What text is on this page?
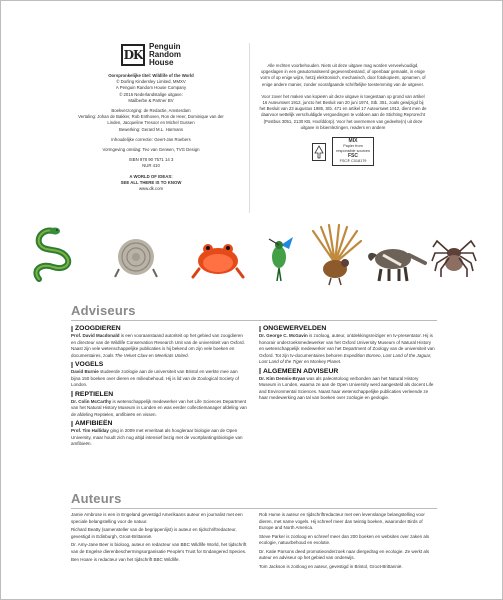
DK
Penguin
Random
House

Oorspronkelijke titel: Wildlife of the World
© Dorling Kindersley Limited, MMXV
A Penguin Random House Company
© 2016 Nederlandstalige uitgave:
Mailberbe & Partner BV

Boekverzorging: de Redactie, Amsterdam
Vertaling: Johan de Bakker, Rob Enthoven, Ron de Heer, Dominique van der
Linden, Jacqueline Tresoor en Michel Gussen
Bewerking: Gerard M.L. Harmans

Inhoudelijke correctie: Geert-Jan Roebers

Vormgeving omslag: Teo van Gerwen, TVG Design

ISBN 978 90 7571 14 3
NUR 410

A WORLD OF IDEAS:
SEE ALL THERE IS TO KNOW
www.dk.com

Alle rechten voorbehouden. Niets uit deze uitgave mag worden verveelvoudigd, opgeslagen in een geautomatiseerd gegevensbestand, of openbaar gemaakt, in enige vorm of op enige wijze, hetzij elektronisch, mechanisch, door fotokopieën, opnamen, of enige andere manier, zonder voorafgaande schriftelijke toestemming van de uitgever.

Voor zover het maken van kopieën uit deze uitgave is toegestaan op grond van artikel 16 Auteurswet 1912, juncto het Besluit van 20 juni 1974, Stb. 351, zoals gewijzigd bij het Besluit van 23 augustus 1985, Stb. 471 en artikel 17 Auteurswet 1912, dient men de daarvoor wettelijk verschuldigde vergoedingen te voldoen aan de Stichting Reprorecht (Postbus 3051, 2130 KB, Hoofddorp). Voor het overnemen van gedeelte(n) uit deze uitgave in bloemlezingen, readers en andere

MIX
Papier from
responsible sources
FSC
FSC® C018179
Adviseurs
ZOOGDIEREN
Prof. David Macdonald is een vooraanstaand autoriteit op het gebied van zoogdieren en directeur van de Wildlife Conservation Research Unit van de universiteit van Oxford. Naast zijn vele wetenschappelijke publicaties is hij bekend om zijn vele boeken en documentaires, zoals The Velvet Claw en Meerkats United.
VOGELS
David Burnie studeerde zoölogie aan de universiteit van Bristol en werkte mee aan bijna 150 boeken over dieren en milieubehoud. Hij is lid van de Zoological Society of London.
REPTIELEN
Dr. Colin McCarthy is wetenschappelijk medewerker van het Life Sciences Department van het Natural History Museum in Londen en was eerder collectiemanager afdeling van de afdeling Reptielen, amfibieën en vissen.
AMFIBIEËN
Prof. Tim Halliday ging in 2009 met emeritaat als hoogleraar biologie aan de Open University, maar houdt zich nog altijd intensief bezig met de voortplantingsbiologie van amfibieën.
ONGEWERVELDEN
Dr. George C. McGavin is zoöloog, auteur, ontdekkingsreiziger en tv-presentator. Hij is honorair onderzoeksmedewerker van het Oxford University Museum of Natural History en wetenschappelijk medewerker van het Department of Zoology van de universiteit van Oxford. Tot zijn tv-documentaires behoren Expedition Borneo, Lost Land of the Jaguar, Lost Land of the Tiger en Monkey Planet.
ALGEMEEN ADVISEUR
Dr. Kim Dennis-Bryan was als paleontoloog verbonden aan het Natural History Museum in Londen, waarna ze aan de Open University werd aangesteld als docent Life and Environmental Sciences. Naast haar wetenschappelijke publicaties verleende ze haar medewerking aan tal van boeken over zoölogie en geologie.
Auteurs
Jamie Ambrose is een in Engeland gevestigd Amerikaans auteur en journalist met een speciale belangstelling voor de natuur.
Richard Beatty (samensteller van de begrippenlijst) is auteur en tijdschriftredacteur, gevestigd in Edinburgh, Groot-Brittannië.
Dr. Amy-Jane Beer is bioloog, auteur en redacteur van BBC Wildlife World, het tijdschrift van de Engelse dierenbeschermingsorganisatie People’s Trust for Endangered Species.
Ben Hoare is redacteur van het tijdschrift BBC Wildlife.
Rob Hume is auteur en tijdschriftredacteur met een levenslange belangstelling voor dieren, met name vogels. Hij schreef meer dan twintig boeken, waaronder Birds of Europe and North America.
Steve Parker is zoöloog en schreef meer dan 200 boeken en websites over zaken als ecologie, natuurbehoud en evolutie.
Dr. Katie Parsons deed promotieonderzoek naar diergedrag en ecologie. Ze werkt als auteur en adviseur op het gebied van onderwijs.
Tom Jackson is zoöloog en auteur, gevestigd in Bristol, Groot-Brittannië.
